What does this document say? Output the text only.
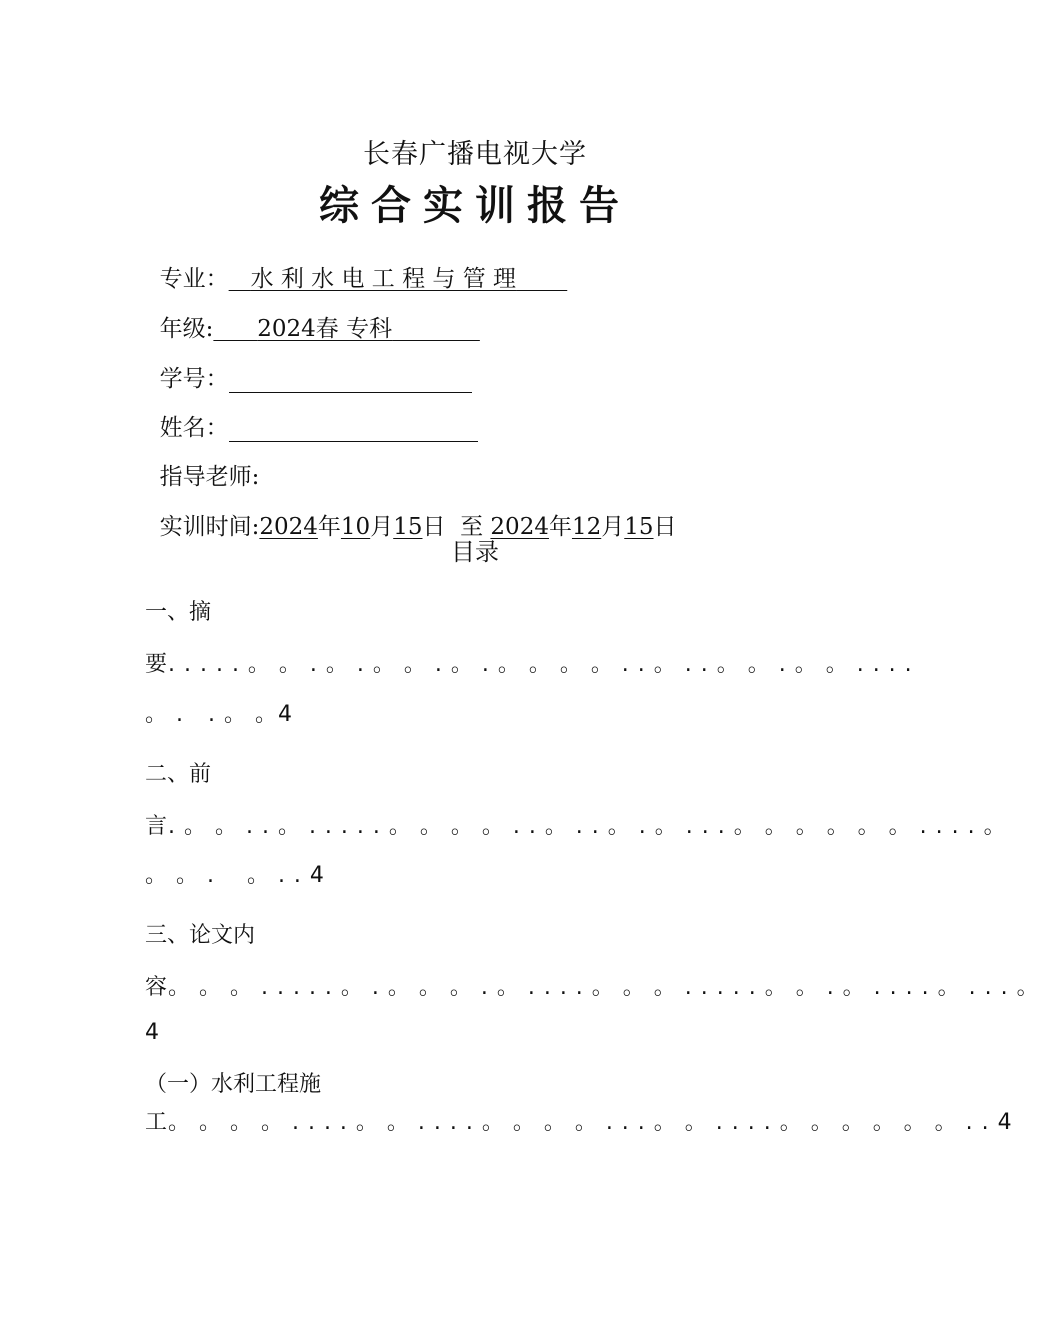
长春广播电视大学
综合实训报告

专业： 水 利 水 电 工 程 与 管 理

年级: 2024春 专科

学号：

姓名：

指导老师:

实训时间:2024年10月15日 至 2024年12月15日

目录
一、摘
要. . . . . 。 。 . 。 . 。 。 . 。 . 。 。 。 。 . . 。 . . 。 。 . 。 。 . . . .
。 .   . 。 。4
二、前
言. 。 。 . . 。 . . . . . 。 。 。 。 . . 。 . . 。 . 。 . . . 。 。 。 。 。 。 . . . . 。
。 。 .    。 . . 4
三、论文内
容。 。 。 . . . . . 。 . 。 。 。 . 。 . . . . 。 。 。 . . . . . 。 。 . 。 . . . . 。 . . . 。
4
（一）水利工程施
工。 。 。 。 . . . . 。 。 . . . . 。 。 。 。 . . . 。 。 . . . . 。 。 。 。 。 。 . . 4
